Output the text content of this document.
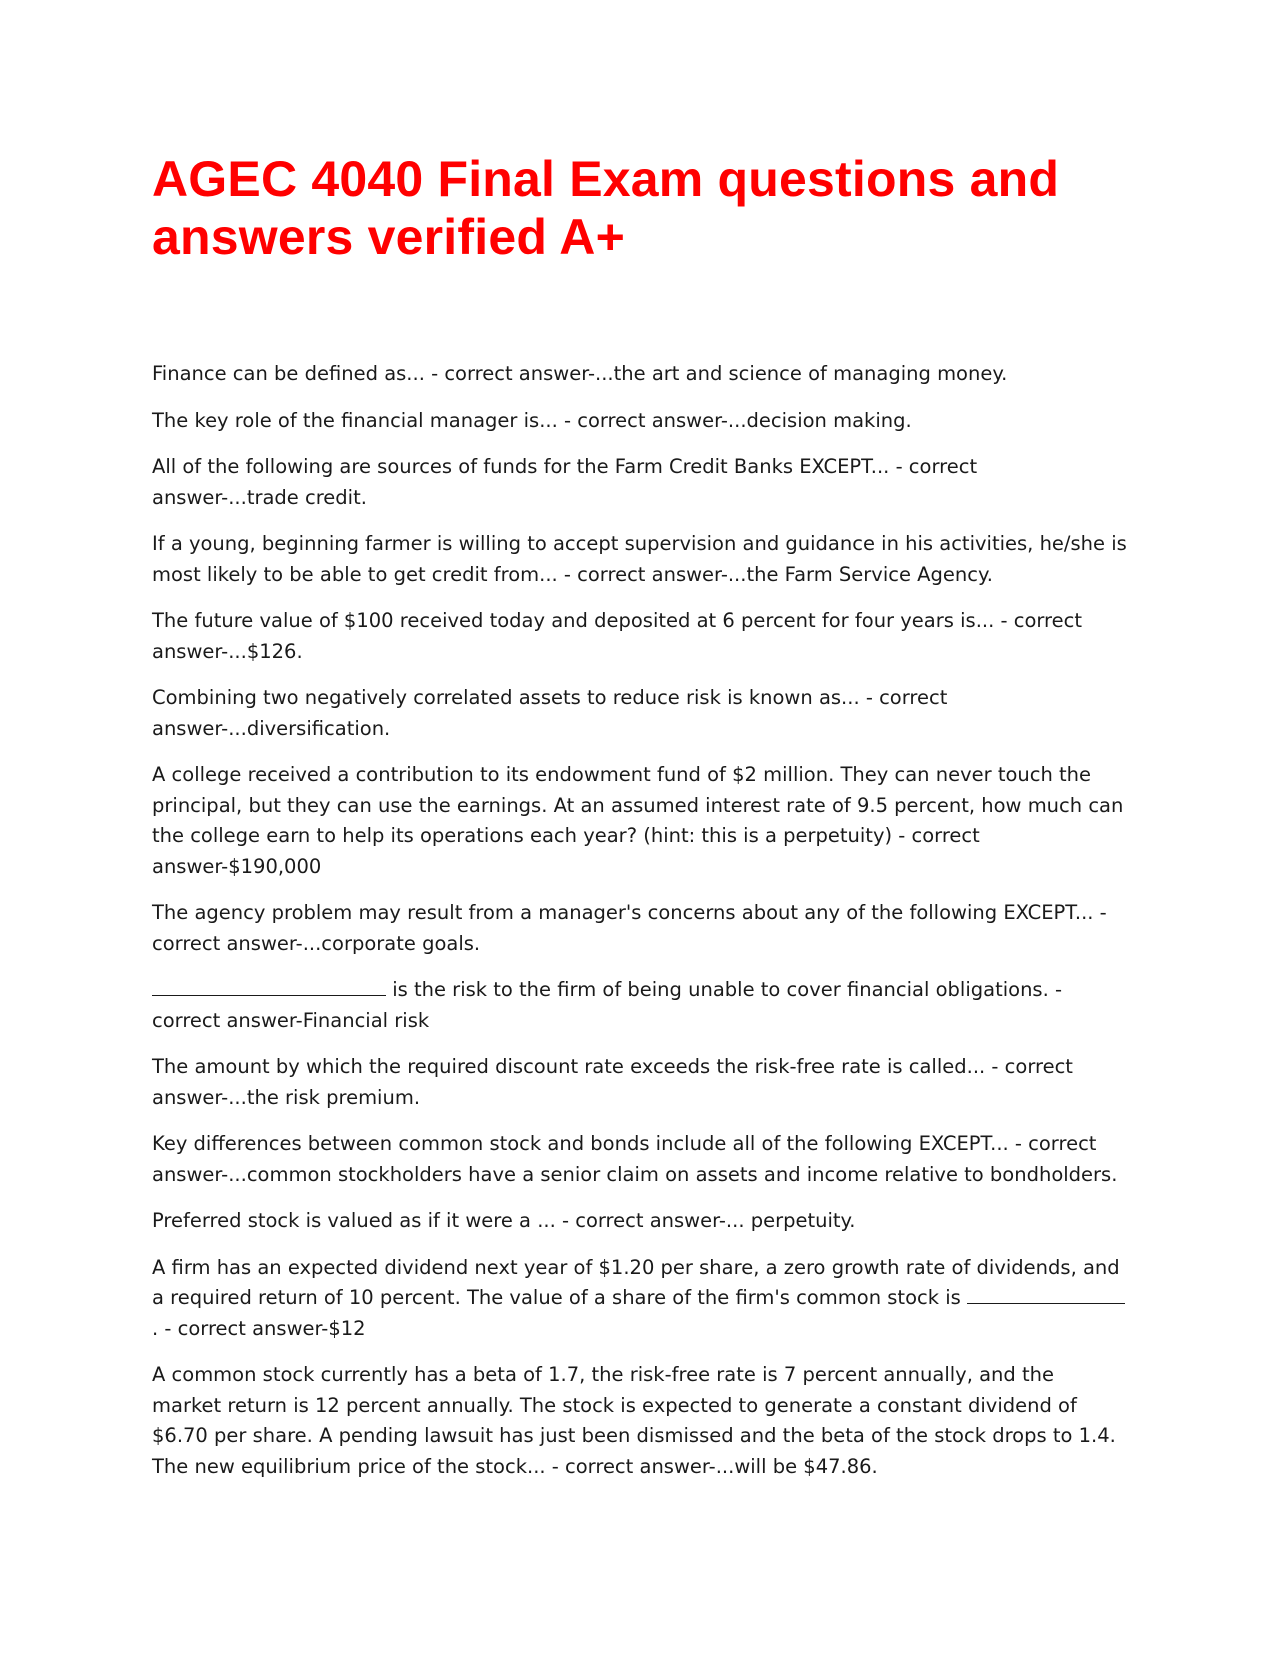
AGEC 4040 Final Exam questions and answers verified A+

Finance can be defined as... - correct answer-...the art and science of managing money.

The key role of the financial manager is... - correct answer-...decision making.

All of the following are sources of funds for the Farm Credit Banks EXCEPT... - correct answer-...trade credit.

If a young, beginning farmer is willing to accept supervision and guidance in his activities, he/she is most likely to be able to get credit from... - correct answer-...the Farm Service Agency.

The future value of $100 received today and deposited at 6 percent for four years is... - correct answer-...$126.

Combining two negatively correlated assets to reduce risk is known as... - correct answer-...diversification.

A college received a contribution to its endowment fund of $2 million. They can never touch the principal, but they can use the earnings. At an assumed interest rate of 9.5 percent, how much can the college earn to help its operations each year? (hint: this is a perpetuity) - correct answer-$190,000

The agency problem may result from a manager's concerns about any of the following EXCEPT... - correct answer-...corporate goals.

is the risk to the firm of being unable to cover financial obligations. - correct answer-Financial risk

The amount by which the required discount rate exceeds the risk-free rate is called... - correct answer-...the risk premium.

Key differences between common stock and bonds include all of the following EXCEPT... - correct answer-...common stockholders have a senior claim on assets and income relative to bondholders.

Preferred stock is valued as if it were a ... - correct answer-... perpetuity.

A firm has an expected dividend next year of $1.20 per share, a zero growth rate of dividends, and a required return of 10 percent. The value of a share of the firm's common stock is . - correct answer-$12

A common stock currently has a beta of 1.7, the risk-free rate is 7 percent annually, and the market return is 12 percent annually. The stock is expected to generate a constant dividend of $6.70 per share. A pending lawsuit has just been dismissed and the beta of the stock drops to 1.4. The new equilibrium price of the stock... - correct answer-...will be $47.86.
